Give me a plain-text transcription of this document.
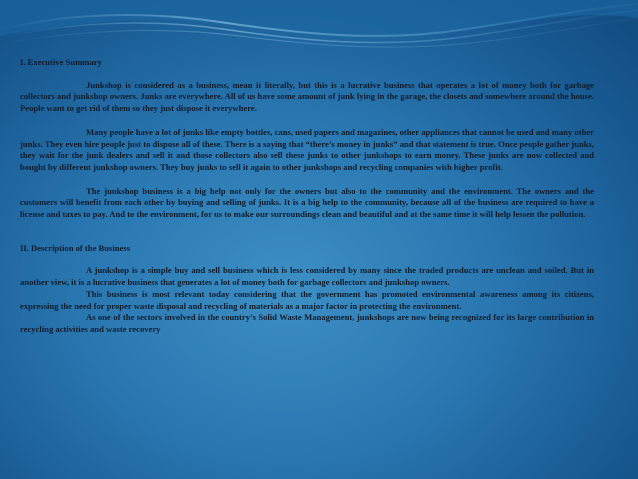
I. Executive Summary

Junkshop is considered as a business, mean it literally, but this is a lucrative business that operates a lot of money both for garbage collectors and junkshop owners. Junks are everywhere. All of us have some amount of junk lying in the garage, the closets and somewhere around the house. People want to get rid of them so they just dispose it everywhere.

Many people have a lot of junks like empty bottles, cans, used papers and magazines, other appliances that cannot be used and many other junks. They even hire people just to dispose all of these. There is a saying that “there’s money in junks” and that statement is true. Once people gather junks, they wait for the junk dealers and sell it and those collectors also sell these junks to other junkshops to earn money. These junks are now collected and bought by different junkshop owners. They buy junks to sell it again to other junkshops and recycling companies with higher profit.

The junkshop business is a big help not only for the owners but also to the community and the environment. The owners and the customers will benefit from each other by buying and selling of junks. It is a big help to the community, because all of the business are required to have a license and taxes to pay. And to the environment, for us to make our surroundings clean and beautiful and at the same time it will help lessen the pollution.

II. Description of the Business

A junkshop is a simple buy and sell business which is less considered by many since the traded products are unclean and soiled. But in another view, it is a lucrative business that generates a lot of money both for garbage collectors and junkshop owners.

This business is most relevant today considering that the government has promoted environmental awareness among its citizens, expressing the need for proper waste disposal and recycling of materials as a major factor in protecting the environment.

As one of the sectors involved in the country’s Solid Waste Management, junkshops are now being recognized for its large contribution in recycling activities and waste recovery
